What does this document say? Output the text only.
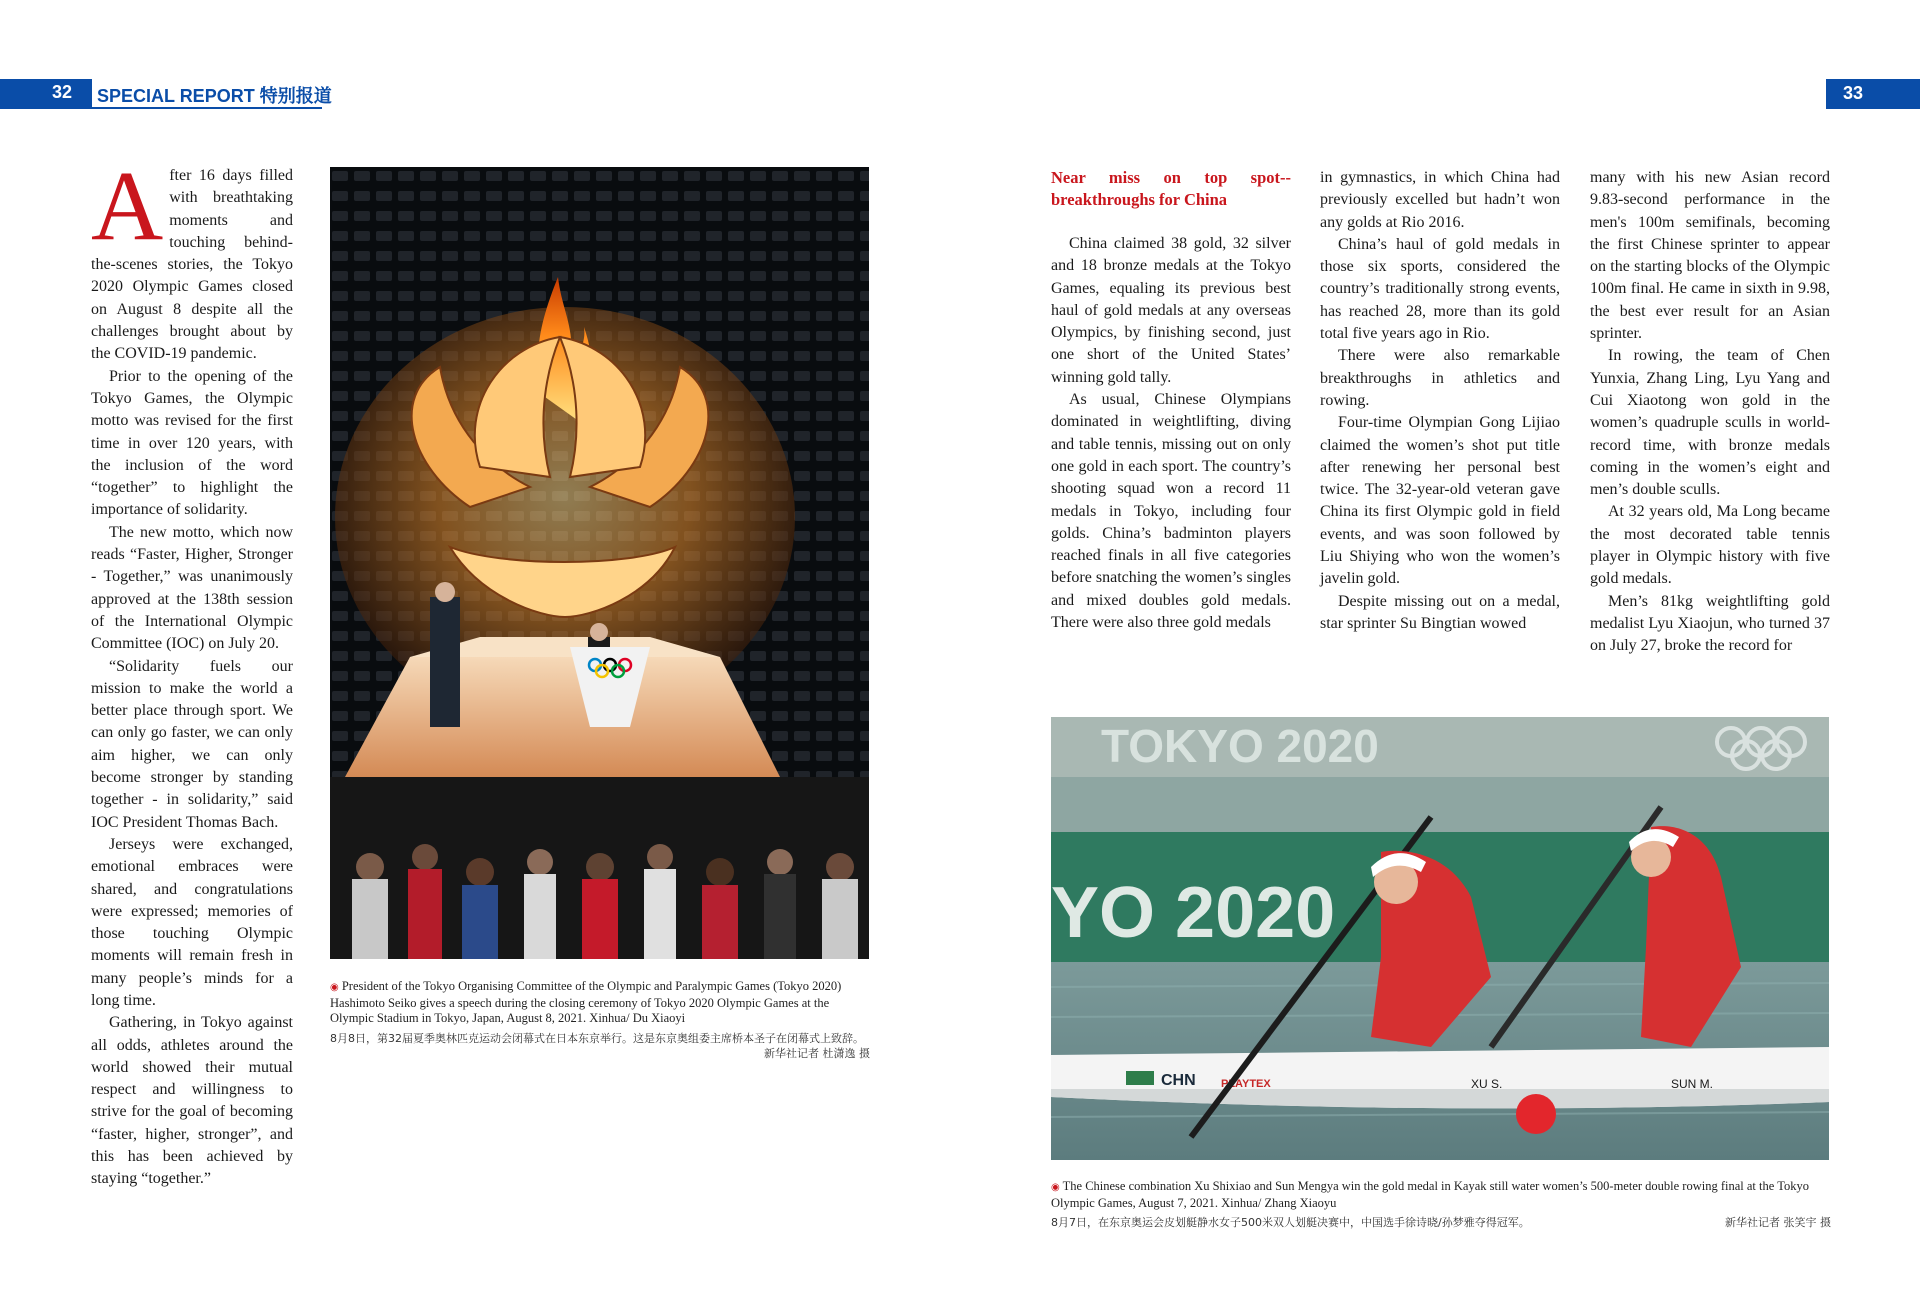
32 SPECIAL REPORT 特别报道	33

After 16 days filled with breathtaking moments and touching behind-the-scenes stories, the Tokyo 2020 Olympic Games closed on August 8 despite all the challenges brought about by the COVID-19 pandemic.

Prior to the opening of the Tokyo Games, the Olympic motto was revised for the first time in over 120 years, with the inclusion of the word “together” to highlight the importance of solidarity.

The new motto, which now reads “Faster, Higher, Stronger - Together,” was unanimously approved at the 138th session of the International Olympic Committee (IOC) on July 20.

“Solidarity fuels our mission to make the world a better place through sport. We can only go faster, we can only aim higher, we can only become stronger by standing together - in solidarity,” said IOC President Thomas Bach.

Jerseys were exchanged, emotional embraces were shared, and congratulations were expressed; memories of those touching Olympic moments will remain fresh in many people’s minds for a long time.

Gathering, in Tokyo against all odds, athletes around the world showed their mutual respect and willingness to strive for the goal of becoming “faster, higher, stronger”, and this has been achieved by staying “together.”

◉ President of the Tokyo Organising Committee of the Olympic and Paralympic Games (Tokyo 2020) Hashimoto Seiko gives a speech during the closing ceremony of Tokyo 2020 Olympic Games at the Olympic Stadium in Tokyo, Japan, August 8, 2021. Xinhua/ Du Xiaoyi
8月8日，第32届夏季奥林匹克运动会闭幕式在日本东京举行。这是东京奥组委主席桥本圣子在闭幕式上致辞。
新华社记者 杜潇逸 摄

Near miss on top spot--breakthroughs for China

China claimed 38 gold, 32 silver and 18 bronze medals at the Tokyo Games, equaling its previous best haul of gold medals at any overseas Olympics, by finishing second, just one short of the United States’ winning gold tally.

As usual, Chinese Olympians dominated in weightlifting, diving and table tennis, missing out on only one gold in each sport. The country’s shooting squad won a record 11 medals in Tokyo, including four golds. China’s badminton players reached finals in all five categories before snatching the women’s singles and mixed doubles gold medals. There were also three gold medals

in gymnastics, in which China had previously excelled but hadn’t won any golds at Rio 2016.

China’s haul of gold medals in those six sports, considered the country’s traditionally strong events, has reached 28, more than its gold total five years ago in Rio.

There were also remarkable breakthroughs in athletics and rowing.

Four-time Olympian Gong Lijiao claimed the women’s shot put title after renewing her personal best twice. The 32-year-old veteran gave China its first Olympic gold in field events, and was soon followed by Liu Shiying who won the women’s javelin gold.

Despite missing out on a medal, star sprinter Su Bingtian wowed

many with his new Asian record 9.83-second performance in the men's 100m semifinals, becoming the first Chinese sprinter to appear on the starting blocks of the Olympic 100m final. He came in sixth in 9.98, the best ever result for an Asian sprinter.

In rowing, the team of Chen Yunxia, Zhang Ling, Lyu Yang and Cui Xiaotong won gold in the women’s quadruple sculls in world-record time, with bronze medals coming in the women’s eight and men’s double sculls.

At 32 years old, Ma Long became the most decorated table tennis player in Olympic history with five gold medals.

Men’s 81kg weightlifting gold medalist Lyu Xiaojun, who turned 37 on July 27, broke the record for

TOKYO 2020
YO 2020
CHN PLAYTEX	XU S.	SUN M.
◉ The Chinese combination Xu Shixiao and Sun Mengya win the gold medal in Kayak still water women’s 500-meter double rowing final at the Tokyo Olympic Games, August 7, 2021. Xinhua/ Zhang Xiaoyu
8月7日，在东京奥运会皮划艇静水女子500米双人划艇决赛中，中国选手徐诗晓/孙梦雅夺得冠军。	新华社记者 张笑宇 摄
